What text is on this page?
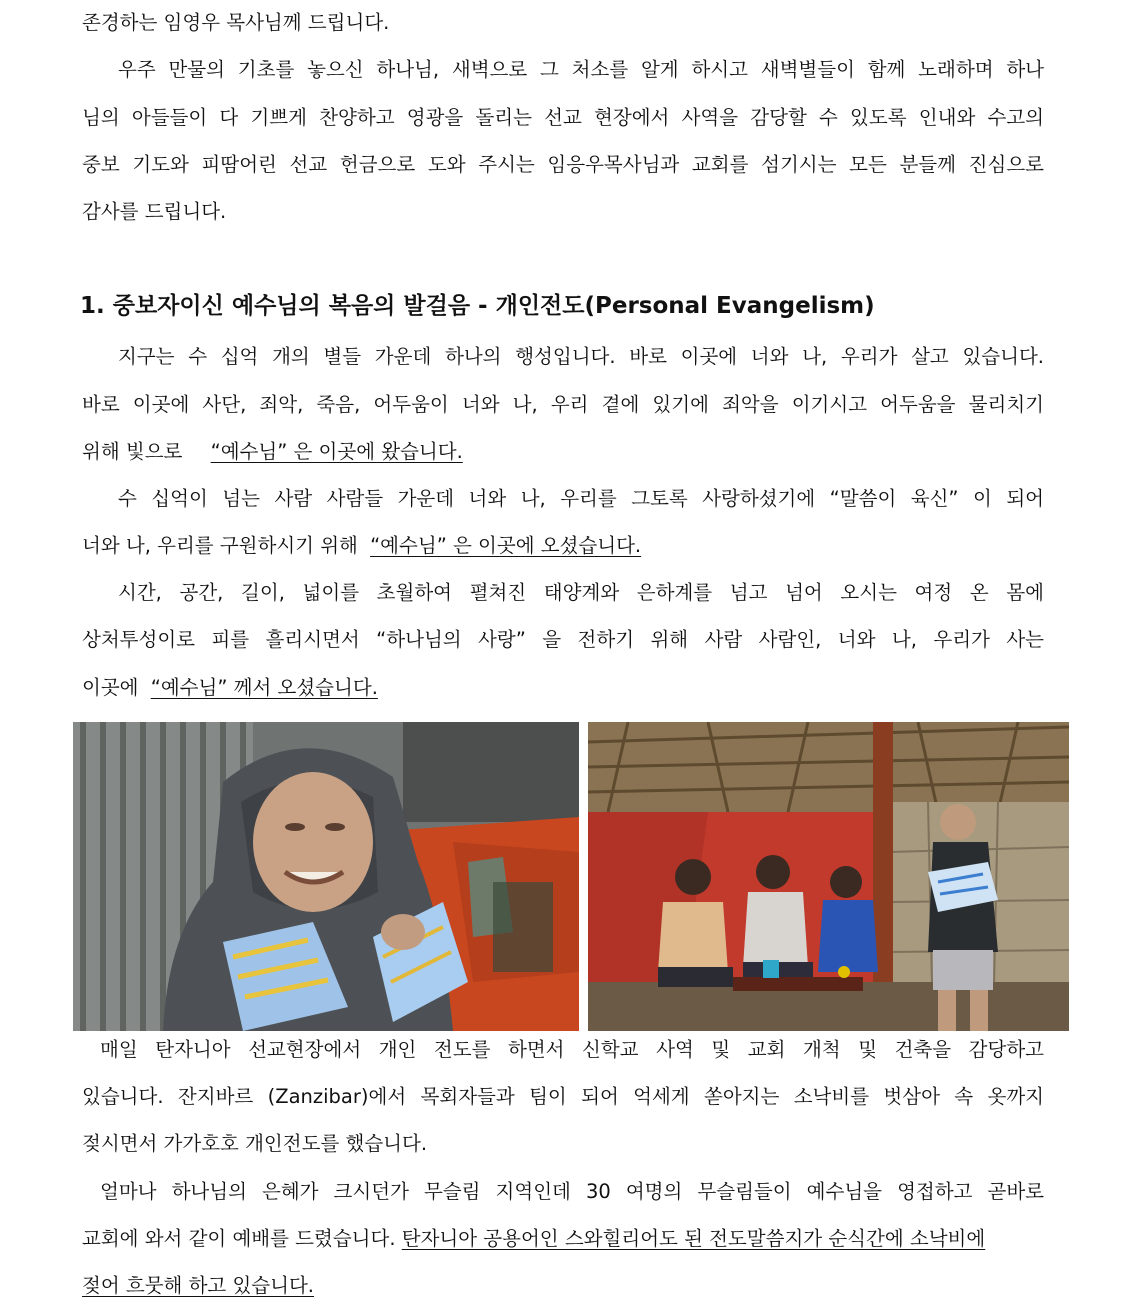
존경하는 임영우 목사님께 드립니다.
우주 만물의 기초를 놓으신 하나님, 새벽으로 그 처소를 알게 하시고 새벽별들이 함께 노래하며 하나
님의 아들들이 다 기쁘게 찬양하고 영광을 돌리는 선교 현장에서 사역을 감당할 수 있도록 인내와 수고의
중보 기도와 피땀어린 선교 헌금으로 도와 주시는 임응우목사님과 교회를 섬기시는 모든 분들께 진심으로
감사를 드립니다.
1. 중보자이신 예수님의 복음의 발걸음 - 개인전도(Personal Evangelism)
지구는 수 십억 개의 별들 가운데 하나의 행성입니다. 바로 이곳에 너와 나, 우리가 살고 있습니다.
바로 이곳에 사단, 죄악, 죽음, 어두움이 너와 나, 우리 곁에 있기에 죄악을 이기시고 어두움을 물리치기
위해 빛으로 “예수님” 은 이곳에 왔습니다.
수 십억이 넘는 사람 사람들 가운데 너와 나, 우리를 그토록 사랑하셨기에 “말씀이 육신” 이 되어
너와 나, 우리를 구원하시기 위해 “예수님” 은 이곳에 오셨습니다.
시간, 공간, 길이, 넓이를 초월하여 펼쳐진 태양계와 은하계를 넘고 넘어 오시는 여정 온 몸에
상처투성이로 피를 흘리시면서 “하나님의 사랑” 을 전하기 위해 사람 사람인, 너와 나, 우리가 사는
이곳에 “예수님” 께서 오셨습니다.
매일 탄자니아 선교현장에서 개인 전도를 하면서 신학교 사역 및 교회 개척 및 건축을 감당하고
있습니다. 잔지바르 (Zanzibar)에서 목회자들과 팀이 되어 억세게 쏟아지는 소낙비를 벗삼아 속 옷까지
젖시면서 가가호호 개인전도를 했습니다.
얼마나 하나님의 은혜가 크시던가 무슬림 지역인데 30 여명의 무슬림들이 예수님을 영접하고 곧바로
교회에 와서 같이 예배를 드렸습니다. 탄자니아 공용어인 스와힐리어도 된 전도말씀지가 순식간에 소낙비에
젖어 흐뭇해 하고 있습니다.
